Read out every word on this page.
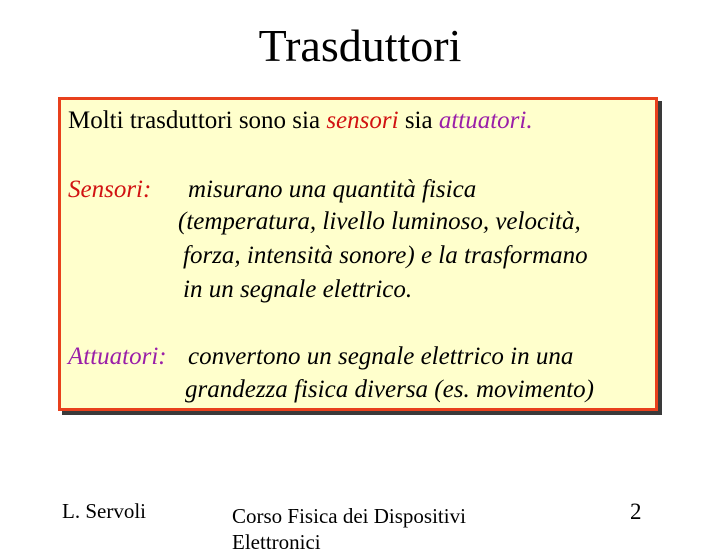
Trasduttori
Molti trasduttori sono sia sensori sia attuatori.
Sensori: misurano una quantità fisica
(temperatura, livello luminoso, velocità,
forza, intensità sonore) e la trasformano
in un segnale elettrico.
Attuatori: convertono un segnale elettrico in una
grandezza fisica diversa (es. movimento)
L. Servoli	Corso Fisica dei Dispositivi
Elettronici
2
